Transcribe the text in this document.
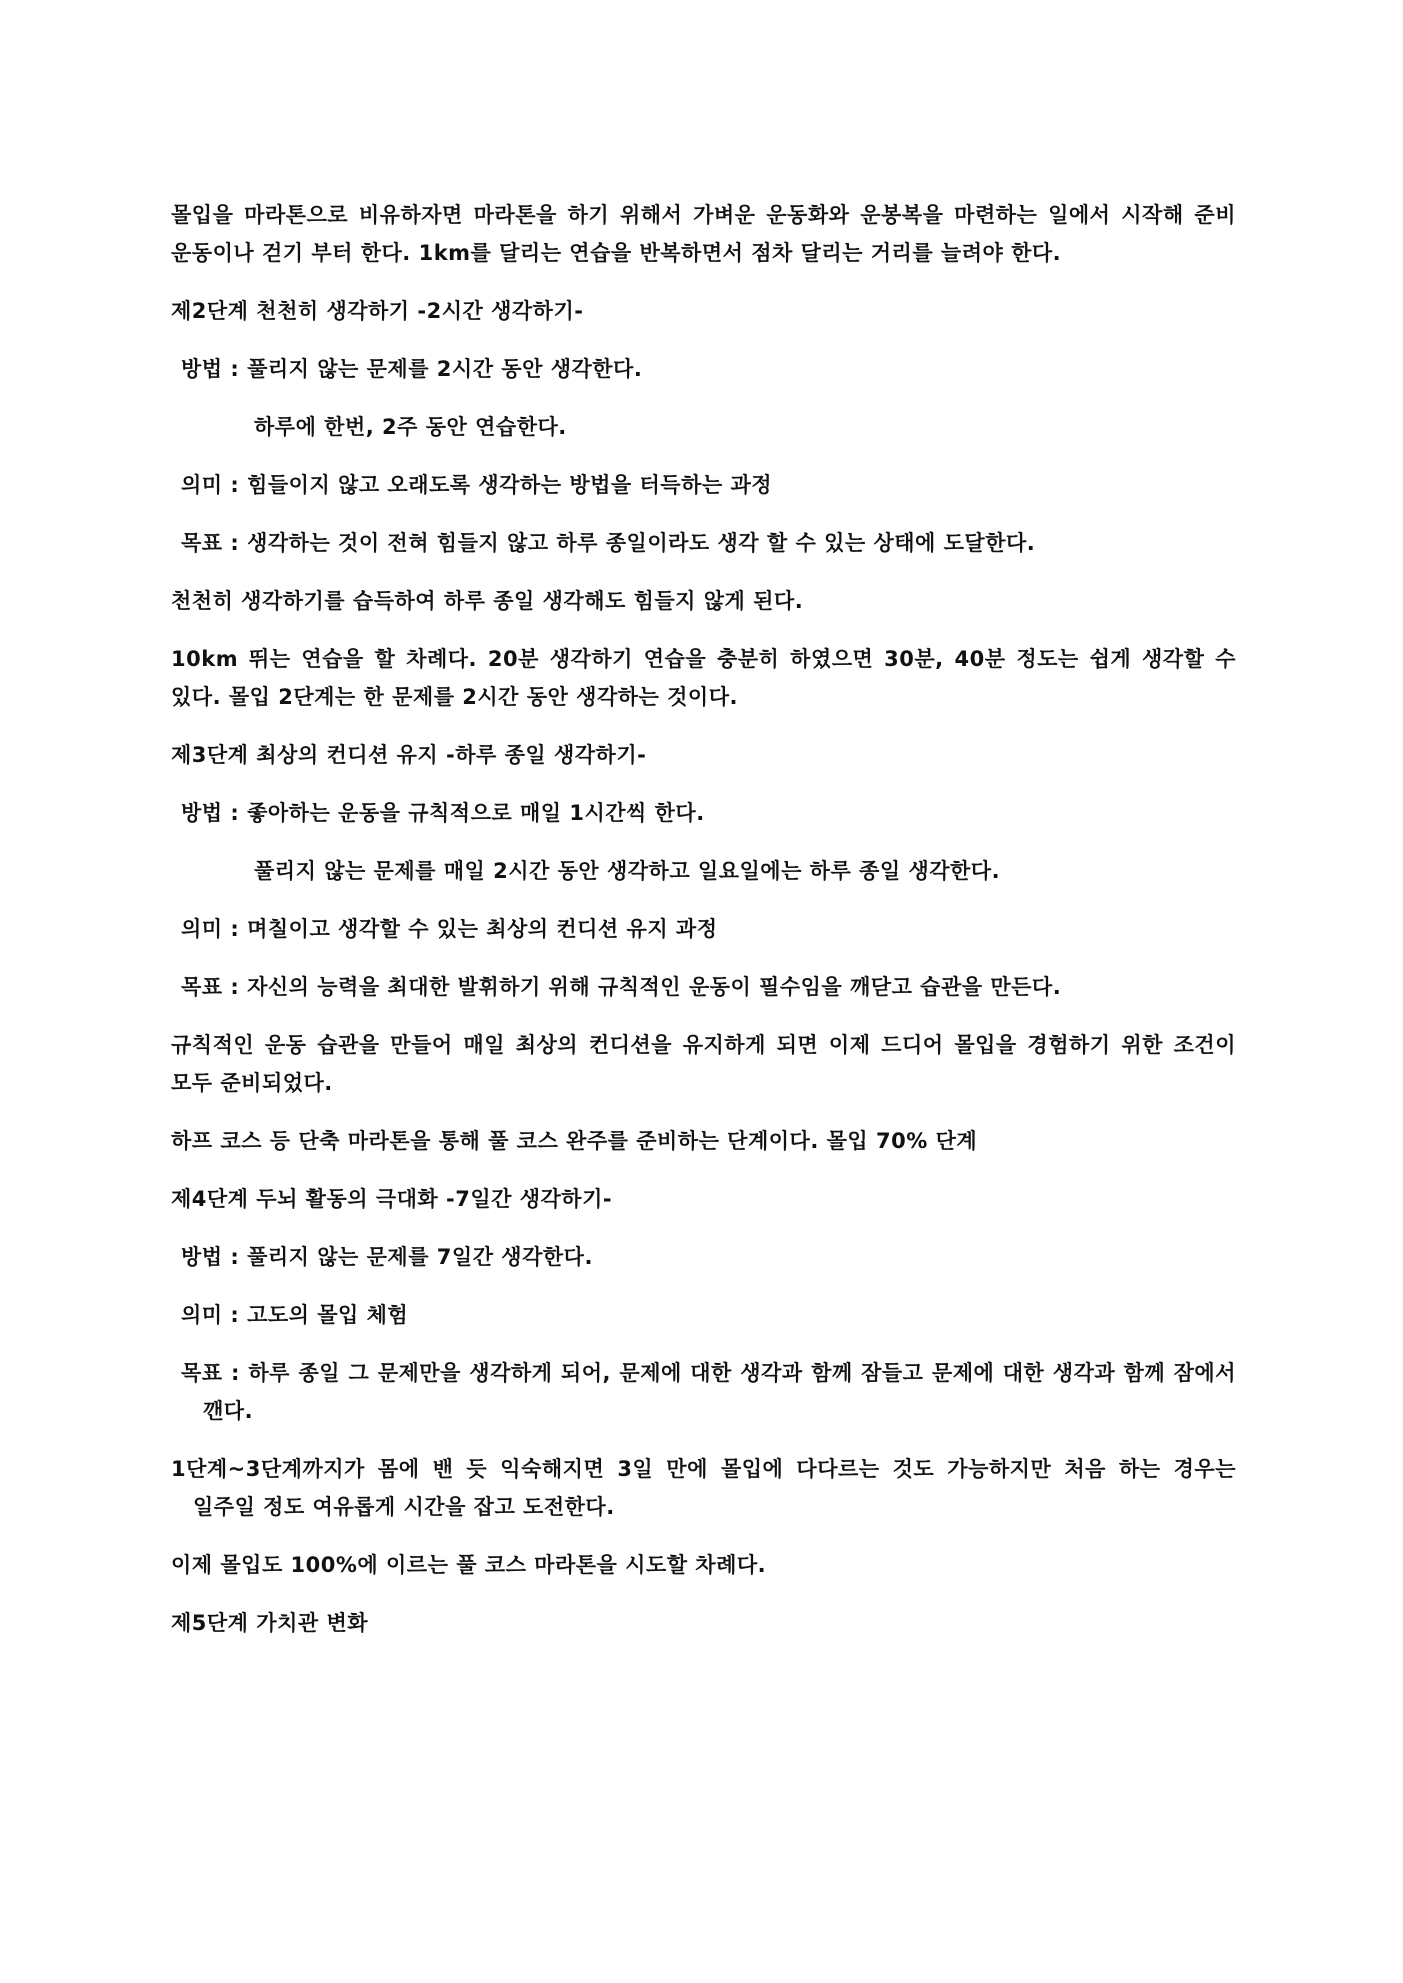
몰입을 마라톤으로 비유하자면 마라톤을 하기 위해서 가벼운 운동화와 운봉복을 마련하는 일에서 시작해 준비 운동이나 걷기 부터 한다. 1km를 달리는 연습을 반복하면서 점차 달리는 거리를 늘려야 한다.

제2단계 천천히 생각하기 -2시간 생각하기-

방법 : 풀리지 않는 문제를 2시간 동안 생각한다.

하루에 한번, 2주 동안 연습한다.

의미 : 힘들이지 않고 오래도록 생각하는 방법을 터득하는 과정

목표 : 생각하는 것이 전혀 힘들지 않고 하루 종일이라도 생각 할 수 있는 상태에 도달한다.

천천히 생각하기를 습득하여 하루 종일 생각해도 힘들지 않게 된다.

10km 뛰는 연습을 할 차례다. 20분 생각하기 연습을 충분히 하였으면 30분, 40분 정도는 쉽게 생각할 수 있다. 몰입 2단계는 한 문제를 2시간 동안 생각하는 것이다.

제3단계 최상의 컨디션 유지 -하루 종일 생각하기-

방법 : 좋아하는 운동을 규칙적으로 매일 1시간씩 한다.

풀리지 않는 문제를 매일 2시간 동안 생각하고 일요일에는 하루 종일 생각한다.

의미 : 며칠이고 생각할 수 있는 최상의 컨디션 유지 과정

목표 : 자신의 능력을 최대한 발휘하기 위해 규칙적인 운동이 필수임을 깨닫고 습관을 만든다.

규칙적인 운동 습관을 만들어 매일 최상의 컨디션을 유지하게 되면 이제 드디어 몰입을 경험하기 위한 조건이 모두 준비되었다.

하프 코스 등 단축 마라톤을 통해 풀 코스 완주를 준비하는 단계이다. 몰입 70% 단계

제4단계 두뇌 활동의 극대화 -7일간 생각하기-

방법 : 풀리지 않는 문제를 7일간 생각한다.

의미 : 고도의 몰입 체험

목표 : 하루 종일 그 문제만을 생각하게 되어, 문제에 대한 생각과 함께 잠들고 문제에 대한 생각과 함께 잠에서 깬다.

1단계~3단계까지가 몸에 밴 듯 익숙해지면 3일 만에 몰입에 다다르는 것도 가능하지만 처음 하는 경우는 일주일 정도 여유롭게 시간을 잡고 도전한다.

이제 몰입도 100%에 이르는 풀 코스 마라톤을 시도할 차례다.

제5단계 가치관 변화
